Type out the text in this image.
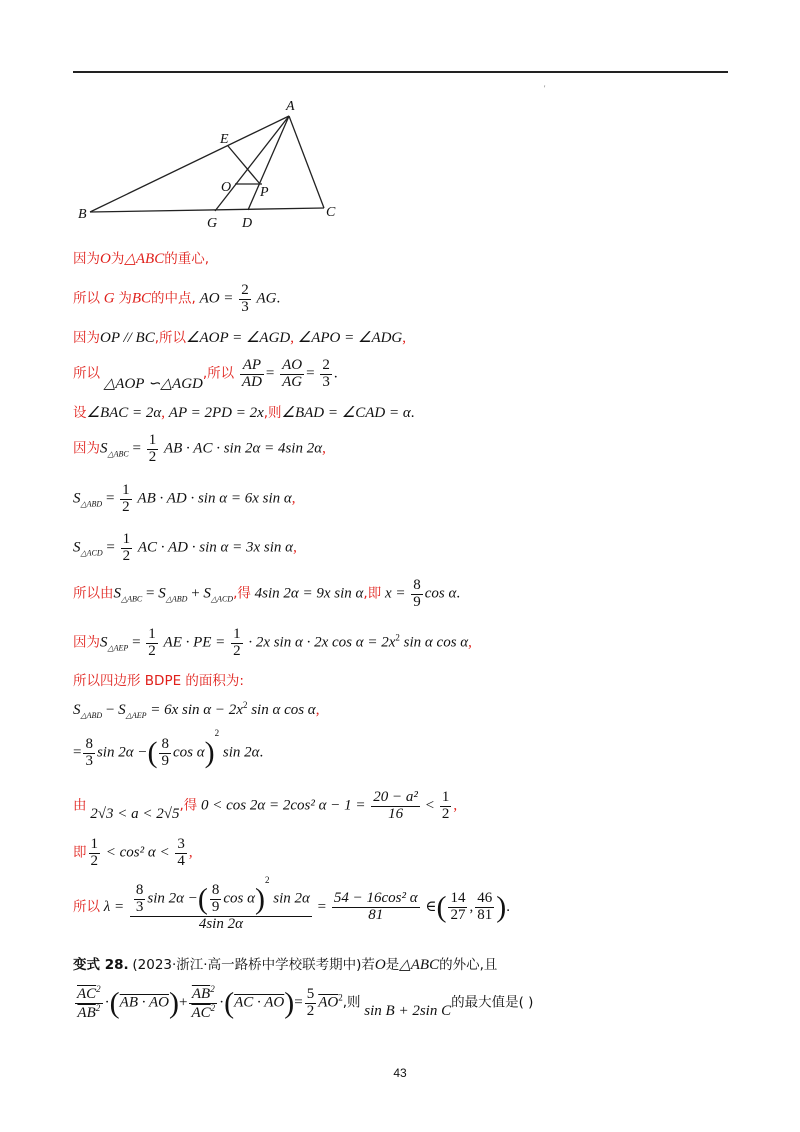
'
A
B	C
E
O P
G D
因为O为△ABC的重心,
所以 G 为BC的中点, AO = $\frac{2}{3}$ AG.
因为OP // BC,所以∠AOP = ∠AGD, ∠APO = ∠ADG,
所以 △AOP ∽△AGD,所以 $\frac{AP}{AD} = \frac{AO}{AG} = \frac{2}{3}$ .
设∠BAC = 2α, AP = 2PD = 2x,则∠BAD = ∠CAD = α.
因为$S_{\triangle ABC} = \frac{1}{2}$ AB · AC · sin 2α = 4sin 2α,
$S_{\triangle ABD} = \frac{1}{2}$ AB · AD · sin α = 6x sin α,
$S_{\triangle ACD} = \frac{1}{2}$ AC · AD · sin α = 3x sin α,
所以由$S_{\triangle ABC} = S_{\triangle ABD} + S_{\triangle ACD}$,得 4sin 2α = 9x sin α,即 $x = \frac{8}{9}$ cos α.
因为$S_{\triangle AEP} = \frac{1}{2}$ AE · PE = $\frac{1}{2} \cdot 2x$ sin α · 2x $\cos \alpha = 2x^2$ sin α cos α,
所以四边形 BDPE 的面积为:
$S_{\triangle ABD} - S_{\triangle AEP} = 6x$ $\sin \alpha - 2x^2$ sin α cos α,
= $\frac{8}{3}$ sin 2α −( $\frac{8}{9}$ cos α)$^2$ sin 2α.
由 2√3 < a < 2√5,得 0 < cos 2α = 2cos² $\alpha - 1 = \frac{\text{20 − a²}}{16} < \frac{1}{2}$ ,
即 $\frac{1}{2} < \cos^2$ $\alpha < \frac{3}{4}$ ,
所以 $\lambda = \frac{\frac{8}{3} \sin 2\alpha -( \frac{8}{9} \cos \alpha)^2 \sin 2\alpha}{4\sin 2\alpha} = \frac{\text{54 − 16cos² α}}{81}$ ∈( $\frac{14}{27}$ , $\frac{46}{81}$ ).
变式 28. (2023·浙江·高一路桥中学校联考期中)若O是△ABC的外心,且
$\frac{\overline{AC}^2}{\overline{AB}^2} \cdot(AB \cdot AO)+ \frac{\overline{AB}^2}{\overline{AC}^2} \cdot(AC \cdot AO)= \frac{5}{2} \overline{AO}^2$,则 sin B + 2sin C的最大值是( )
43
